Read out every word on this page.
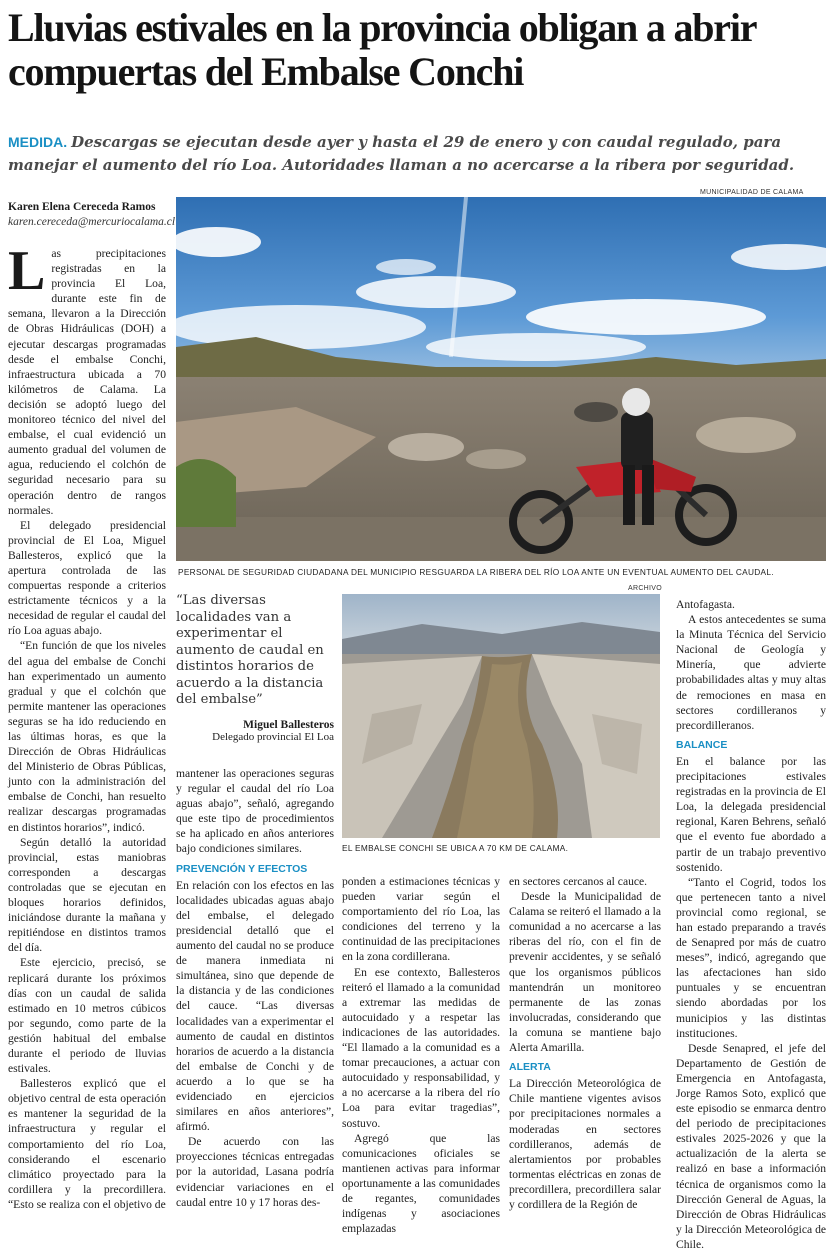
Lluvias estivales en la provincia obligan a abrir compuertas del Embalse Conchi
MEDIDA. Descargas se ejecutan desde ayer y hasta el 29 de enero y con caudal regulado, para manejar el aumento del río Loa. Autoridades llaman a no acercarse a la ribera por seguridad.
Karen Elena Cereceda Ramos
karen.cereceda@mercuriocalama.cl
MUNICIPALIDAD DE CALAMA
PERSONAL DE SEGURIDAD CIUDADANA DEL MUNICIPIO RESGUARDA LA RIBERA DEL RÍO LOA ANTE UN EVENTUAL AUMENTO DEL CAUDAL.
ARCHIVO
EL EMBALSE CONCHI SE UBICA A 70 KM DE CALAMA.
“Las diversas localidades van a experimentar el aumento de caudal en distintos horarios de acuerdo a la distancia del embalse”
Miguel Ballesteros
Delegado provincial El Loa

Las precipitaciones registradas en la provincia El Loa, durante este fin de semana, llevaron a la Dirección de Obras Hidráulicas (DOH) a ejecutar descargas programadas desde el embalse Conchi, infraestructura ubicada a 70 kilómetros de Calama. La decisión se adoptó luego del monitoreo técnico del nivel del embalse, el cual evidenció un aumento gradual del volumen de agua, reduciendo el colchón de seguridad necesario para su operación dentro de rangos normales.

El delegado presidencial provincial de El Loa, Miguel Ballesteros, explicó que la apertura controlada de las compuertas responde a criterios estrictamente técnicos y a la necesidad de regular el caudal del río Loa aguas abajo.

“En función de que los niveles del agua del embalse de Conchi han experimentado un aumento gradual y que el colchón que permite mantener las operaciones seguras se ha ido reduciendo en las últimas horas, es que la Dirección de Obras Hidráulicas del Ministerio de Obras Públicas, junto con la administración del embalse de Conchi, han resuelto realizar descargas programadas en distintos horarios”, indicó.

Según detalló la autoridad provincial, estas maniobras corresponden a descargas controladas que se ejecutan en bloques horarios definidos, iniciándose durante la mañana y repitiéndose en distintos tramos del día.

Este ejercicio, precisó, se replicará durante los próximos días con un caudal de salida estimado en 10 metros cúbicos por segundo, como parte de la gestión habitual del embalse durante el periodo de lluvias estivales.

Ballesteros explicó que el objetivo central de esta operación es mantener la seguridad de la infraestructura y regular el comportamiento del río Loa, considerando el escenario climático proyectado para la cordillera y la precordillera. “Esto se realiza con el objetivo de

mantener las operaciones seguras y regular el caudal del río Loa aguas abajo”, señaló, agregando que este tipo de procedimientos se ha aplicado en años anteriores bajo condiciones similares.

PREVENCIÓN Y EFECTOS

En relación con los efectos en las localidades ubicadas aguas abajo del embalse, el delegado presidencial detalló que el aumento del caudal no se produce de manera inmediata ni simultánea, sino que depende de la distancia y de las condiciones del cauce. “Las diversas localidades van a experimentar el aumento de caudal en distintos horarios de acuerdo a la distancia del embalse de Conchi y de acuerdo a lo que se ha evidenciado en ejercicios similares en años anteriores”, afirmó.

De acuerdo con las proyecciones técnicas entregadas por la autoridad, Lasana podría evidenciar variaciones en el caudal entre 10 y 17 horas des-

ponden a estimaciones técnicas y pueden variar según el comportamiento del río Loa, las condiciones del terreno y la continuidad de las precipitaciones en la zona cordillerana.

En ese contexto, Ballesteros reiteró el llamado a la comunidad a extremar las medidas de autocuidado y a respetar las indicaciones de las autoridades. “El llamado a la comunidad es a tomar precauciones, a actuar con autocuidado y responsabilidad, y a no acercarse a la ribera del río Loa para evitar tragedias”, sostuvo.

Agregó que las comunicaciones oficiales se mantienen activas para informar oportunamente a las comunidades de regantes, comunidades indígenas y asociaciones emplazadas

en sectores cercanos al cauce.

Desde la Municipalidad de Calama se reiteró el llamado a la comunidad a no acercarse a las riberas del río, con el fin de prevenir accidentes, y se señaló que los organismos públicos mantendrán un monitoreo permanente de las zonas involucradas, considerando que la comuna se mantiene bajo Alerta Amarilla.

ALERTA

La Dirección Meteorológica de Chile mantiene vigentes avisos por precipitaciones normales a moderadas en sectores cordilleranos, además de alertamientos por probables tormentas eléctricas en zonas de precordillera, precordillera salar y cordillera de la Región de

Antofagasta.

A estos antecedentes se suma la Minuta Técnica del Servicio Nacional de Geología y Minería, que advierte probabilidades altas y muy altas de remociones en masa en sectores cordilleranos y precordilleranos.

BALANCE

En el balance por las precipitaciones estivales registradas en la provincia de El Loa, la delegada presidencial regional, Karen Behrens, señaló que el evento fue abordado a partir de un trabajo preventivo sostenido.

“Tanto el Cogrid, todos los que pertenecen tanto a nivel provincial como regional, se han estado preparando a través de Senapred por más de cuatro meses”, indicó, agregando que las afectaciones han sido puntuales y se encuentran siendo abordadas por los municipios y las distintas instituciones.

Desde Senapred, el jefe del Departamento de Gestión de Emergencia en Antofagasta, Jorge Ramos Soto, explicó que este episodio se enmarca dentro del periodo de precipitaciones estivales 2025-2026 y que la actualización de la alerta se realizó en base a información técnica de organismos como la Dirección General de Aguas, la Dirección de Obras Hidráulicas y la Dirección Meteorológica de Chile.
